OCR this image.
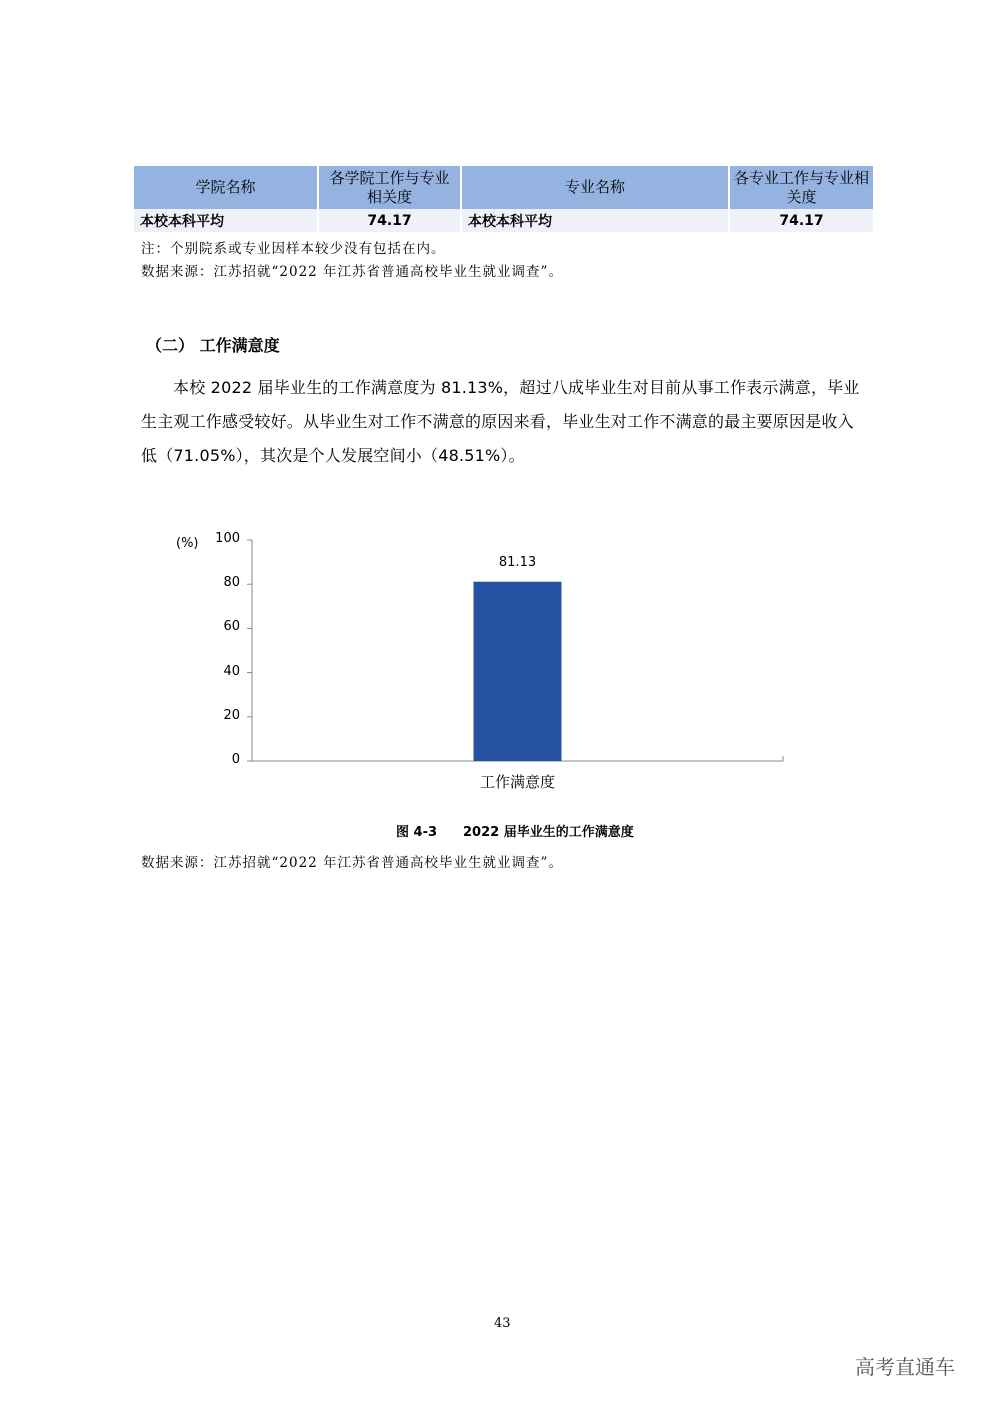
学院名称	各学院工作与专业相关度	专业名称	各专业工作与专业相关度
本校本科平均	74.17	本校本科平均	74.17
注：个别院系或专业因样本较少没有包括在内。
数据来源：江苏招就“2022 年江苏省普通高校毕业生就业调查”。
（二） 工作满意度
本校 2022 届毕业生的工作满意度为 81.13%，超过八成毕业生对目前从事工作表示满意，毕业生主观工作感受较好。从毕业生对工作不满意的原因来看，毕业生对工作不满意的最主要原因是收入低（71.05%），其次是个人发展空间小（48.51%）。
(%)
0
20
40
60
80
100
81.13
工作满意度
图 4-3　　2022 届毕业生的工作满意度
数据来源：江苏招就“2022 年江苏省普通高校毕业生就业调查”。
43
高考直通车
